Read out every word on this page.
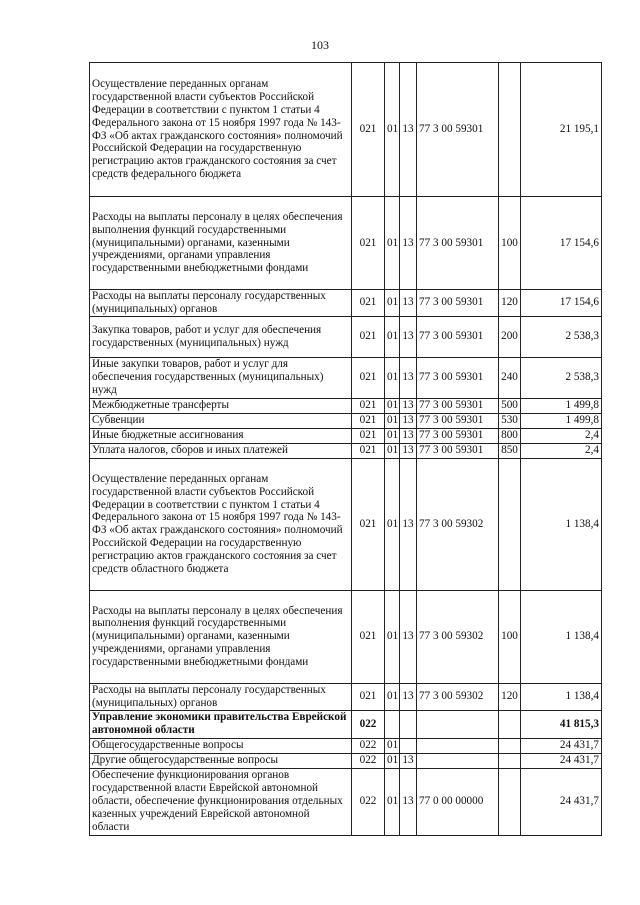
103
Осуществление переданных органам государственной власти субъектов Российской Федерации в соответствии с пунктом 1 статьи 4 Федерального закона от 15 ноября 1997 года № 143-ФЗ «Об актах гражданского состояния» полномочий Российской Федерации на государственную регистрацию актов гражданского состояния за счет средств федерального бюджета	021	01	13	77 3 00 59301		21 195,1
Расходы на выплаты персоналу в целях обеспечения выполнения функций государственными (муниципальными) органами, казенными учреждениями, органами управления государственными внебюджетными фондами	021	01	13	77 3 00 59301	100	17 154,6
Расходы на выплаты персоналу государственных (муниципальных) органов	021	01	13	77 3 00 59301	120	17 154,6
Закупка товаров, работ и услуг для обеспечения государственных (муниципальных) нужд	021	01	13	77 3 00 59301	200	2 538,3
Иные закупки товаров, работ и услуг для обеспечения государственных (муниципальных) нужд	021	01	13	77 3 00 59301	240	2 538,3
Межбюджетные трансферты	021	01	13	77 3 00 59301	500	1 499,8
Субвенции	021	01	13	77 3 00 59301	530	1 499,8
Иные бюджетные ассигнования	021	01	13	77 3 00 59301	800	2,4
Уплата налогов, сборов и иных платежей	021	01	13	77 3 00 59301	850	2,4
Осуществление переданных органам государственной власти субъектов Российской Федерации в соответствии с пунктом 1 статьи 4 Федерального закона от 15 ноября 1997 года № 143-ФЗ «Об актах гражданского состояния» полномочий Российской Федерации на государственную регистрацию актов гражданского состояния за счет средств областного бюджета	021	01	13	77 3 00 59302		1 138,4
Расходы на выплаты персоналу в целях обеспечения выполнения функций государственными (муниципальными) органами, казенными учреждениями, органами управления государственными внебюджетными фондами	021	01	13	77 3 00 59302	100	1 138,4
Расходы на выплаты персоналу государственных (муниципальных) органов	021	01	13	77 3 00 59302	120	1 138,4
Управление экономики правительства Еврейской автономной области	022					41 815,3
Общегосударственные вопросы	022	01				24 431,7
Другие общегосударственные вопросы	022	01	13			24 431,7
Обеспечение функционирования органов государственной власти Еврейской автономной области, обеспечение функционирования отдельных казенных учреждений Еврейской автономной области	022	01	13	77 0 00 00000		24 431,7
